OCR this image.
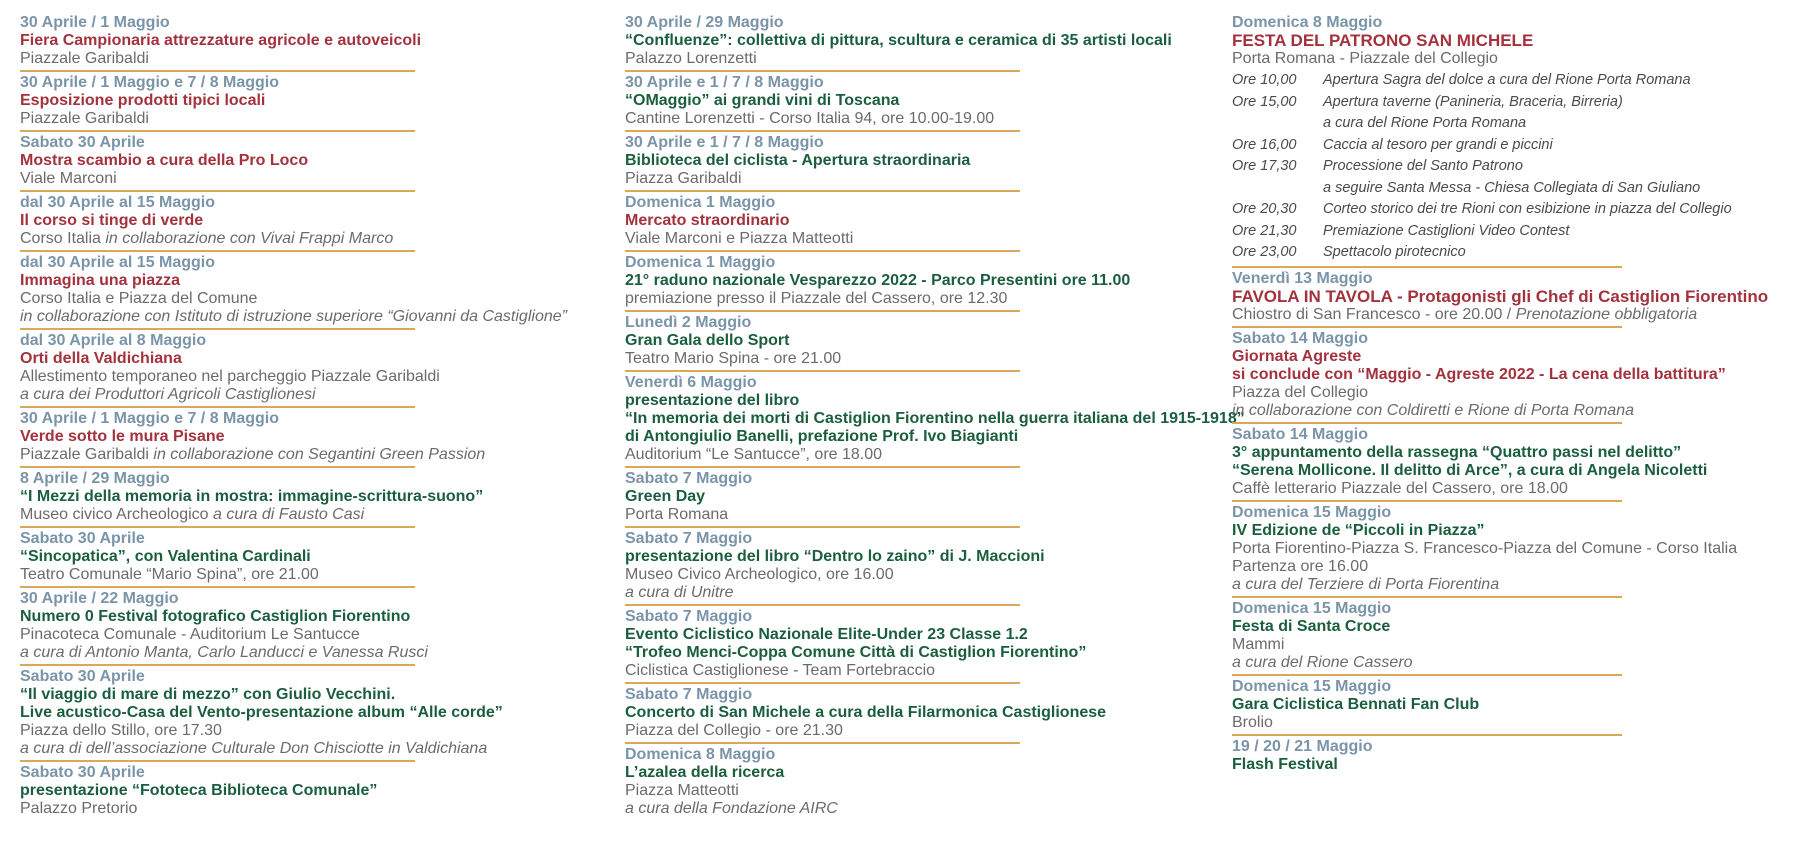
30 Aprile / 1 Maggio
Fiera Campionaria attrezzature agricole e autoveicoli
Piazzale Garibaldi
30 Aprile / 1 Maggio e 7 / 8 Maggio
Esposizione prodotti tipici locali
Piazzale Garibaldi
Sabato 30 Aprile
Mostra scambio a cura della Pro Loco
Viale Marconi
dal 30 Aprile al 15 Maggio
Il corso si tinge di verde
Corso Italia in collaborazione con Vivai Frappi Marco
dal 30 Aprile al 15 Maggio
Immagina una piazza
Corso Italia e Piazza del Comune
in collaborazione con Istituto di istruzione superiore “Giovanni da Castiglione”
dal 30 Aprile al 8 Maggio
Orti della Valdichiana
Allestimento temporaneo nel parcheggio Piazzale Garibaldi
a cura dei Produttori Agricoli Castiglionesi
30 Aprile / 1 Maggio e 7 / 8 Maggio
Verde sotto le mura Pisane
Piazzale Garibaldi in collaborazione con Segantini Green Passion
8 Aprile / 29 Maggio
“I Mezzi della memoria in mostra: immagine-scrittura-suono”
Museo civico Archeologico a cura di Fausto Casi
Sabato 30 Aprile
“Sincopatica”, con Valentina Cardinali
Teatro Comunale “Mario Spina”, ore 21.00
30 Aprile / 22 Maggio
Numero 0 Festival fotografico Castiglion Fiorentino
Pinacoteca Comunale - Auditorium Le Santucce
a cura di Antonio Manta, Carlo Landucci e Vanessa Rusci
Sabato 30 Aprile
“Il viaggio di mare di mezzo” con Giulio Vecchini.
Live acustico-Casa del Vento-presentazione album “Alle corde”
Piazza dello Stillo, ore 17.30
a cura di dell’associazione Culturale Don Chisciotte in Valdichiana
Sabato 30 Aprile
presentazione “Fototeca Biblioteca Comunale”
Palazzo Pretorio
30 Aprile / 29 Maggio
“Confluenze”: collettiva di pittura, scultura e ceramica di 35 artisti locali
Palazzo Lorenzetti
30 Aprile e 1 / 7 / 8 Maggio
“OMaggio” ai grandi vini di Toscana
Cantine Lorenzetti - Corso Italia 94, ore 10.00-19.00
30 Aprile e 1 / 7 / 8 Maggio
Biblioteca del ciclista - Apertura straordinaria
Piazza Garibaldi
Domenica 1 Maggio
Mercato straordinario
Viale Marconi e Piazza Matteotti
Domenica 1 Maggio
21° raduno nazionale Vesparezzo 2022 - Parco Presentini ore 11.00
premiazione presso il Piazzale del Cassero, ore 12.30
Lunedì 2 Maggio
Gran Gala dello Sport
Teatro Mario Spina - ore 21.00
Venerdì 6 Maggio
presentazione del libro
“In memoria dei morti di Castiglion Fiorentino nella guerra italiana del 1915-1918”
di Antongiulio Banelli, prefazione Prof. Ivo Biagianti
Auditorium “Le Santucce”, ore 18.00
Sabato 7 Maggio
Green Day
Porta Romana
Sabato 7 Maggio
presentazione del libro “Dentro lo zaino” di J. Maccioni
Museo Civico Archeologico, ore 16.00
a cura di Unitre
Sabato 7 Maggio
Evento Ciclistico Nazionale Elite-Under 23 Classe 1.2
“Trofeo Menci-Coppa Comune Città di Castiglion Fiorentino”
Ciclistica Castiglionese - Team Fortebraccio
Sabato 7 Maggio
Concerto di San Michele a cura della Filarmonica Castiglionese
Piazza del Collegio - ore 21.30
Domenica 8 Maggio
L’azalea della ricerca
Piazza Matteotti
a cura della Fondazione AIRC
Domenica 8 Maggio
FESTA DEL PATRONO SAN MICHELE
Porta Romana - Piazzale del Collegio
Ore 10,00	Apertura Sagra del dolce a cura del Rione Porta Romana
Ore 15,00	Apertura taverne (Panineria, Braceria, Birreria)
a cura del Rione Porta Romana
Ore 16,00	Caccia al tesoro per grandi e piccini
Ore 17,30	Processione del Santo Patrono
a seguire Santa Messa - Chiesa Collegiata di San Giuliano
Ore 20,30	Corteo storico dei tre Rioni con esibizione in piazza del Collegio
Ore 21,30	Premiazione Castiglioni Video Contest
Ore 23,00	Spettacolo pirotecnico
Venerdì 13 Maggio
FAVOLA IN TAVOLA - Protagonisti gli Chef di Castiglion Fiorentino
Chiostro di San Francesco - ore 20.00 / Prenotazione obbligatoria
Sabato 14 Maggio
Giornata Agreste
si conclude con “Maggio - Agreste 2022 - La cena della battitura”
Piazza del Collegio
in collaborazione con Coldiretti e Rione di Porta Romana
Sabato 14 Maggio
3° appuntamento della rassegna “Quattro passi nel delitto”
“Serena Mollicone. Il delitto di Arce”, a cura di Angela Nicoletti
Caffè letterario Piazzale del Cassero, ore 18.00
Domenica 15 Maggio
IV Edizione de “Piccoli in Piazza”
Porta Fiorentino-Piazza S. Francesco-Piazza del Comune - Corso Italia
Partenza ore 16.00
a cura del Terziere di Porta Fiorentina
Domenica 15 Maggio
Festa di Santa Croce
Mammi
a cura del Rione Cassero
Domenica 15 Maggio
Gara Ciclistica Bennati Fan Club
Brolio
19 / 20 / 21 Maggio
Flash Festival
